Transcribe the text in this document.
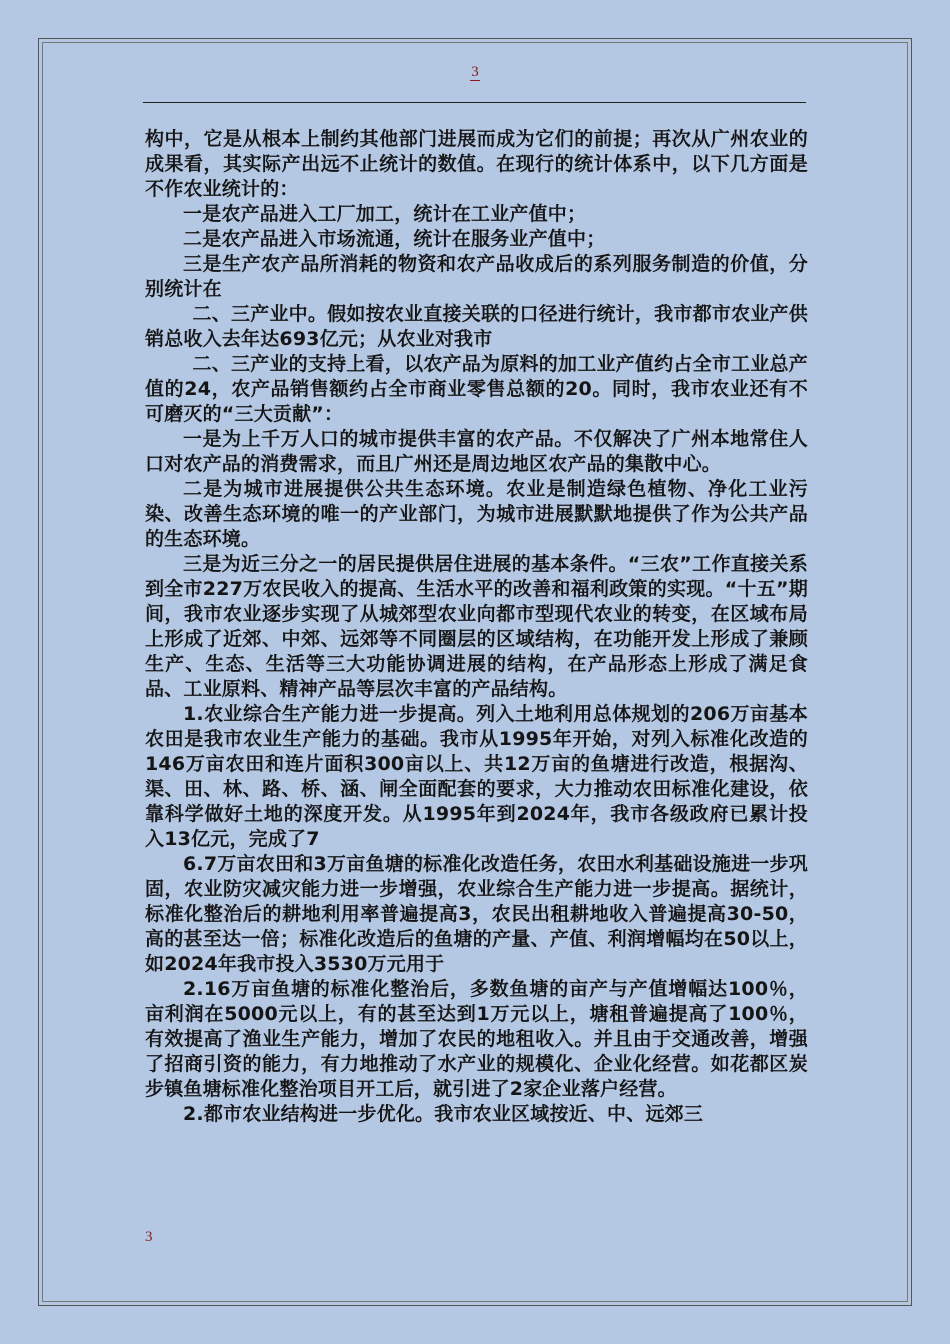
3

构中，它是从根本上制约其他部门进展而成为它们的前提；再次从广州农业的成果看，其实际产出远不止统计的数值。在现行的统计体系中，以下几方面是不作农业统计的：

一是农产品进入工厂加工，统计在工业产值中；

二是农产品进入市场流通，统计在服务业产值中；

三是生产农产品所消耗的物资和农产品收成后的系列服务制造的价值，分别统计在

二、三产业中。假如按农业直接关联的口径进行统计，我市都市农业产供销总收入去年达693亿元；从农业对我市

二、三产业的支持上看，以农产品为原料的加工业产值约占全市工业总产值的24，农产品销售额约占全市商业零售总额的20。同时，我市农业还有不可磨灭的“三大贡献”：

一是为上千万人口的城市提供丰富的农产品。不仅解决了广州本地常住人口对农产品的消费需求，而且广州还是周边地区农产品的集散中心。

二是为城市进展提供公共生态环境。农业是制造绿色植物、净化工业污染、改善生态环境的唯一的产业部门，为城市进展默默地提供了作为公共产品的生态环境。

三是为近三分之一的居民提供居住进展的基本条件。“三农”工作直接关系到全市227万农民收入的提高、生活水平的改善和福利政策的实现。“十五”期间，我市农业逐步实现了从城郊型农业向都市型现代农业的转变，在区域布局上形成了近郊、中郊、远郊等不同圈层的区域结构，在功能开发上形成了兼顾生产、生态、生活等三大功能协调进展的结构，在产品形态上形成了满足食品、工业原料、精神产品等层次丰富的产品结构。

1.农业综合生产能力进一步提高。列入土地利用总体规划的206万亩基本农田是我市农业生产能力的基础。我市从1995年开始，对列入标准化改造的146万亩农田和连片面积300亩以上、共12万亩的鱼塘进行改造，根据沟、渠、田、林、路、桥、涵、闸全面配套的要求，大力推动农田标准化建设，依靠科学做好土地的深度开发。从1995年到2024年，我市各级政府已累计投入13亿元，完成了7

6.7万亩农田和3万亩鱼塘的标准化改造任务，农田水利基础设施进一步巩固，农业防灾减灾能力进一步增强，农业综合生产能力进一步提高。据统计，标准化整治后的耕地利用率普遍提高3，农民出租耕地收入普遍提高30-50，高的甚至达一倍；标准化改造后的鱼塘的产量、产值、利润增幅均在50以上，如2024年我市投入3530万元用于

2.16万亩鱼塘的标准化整治后，多数鱼塘的亩产与产值增幅达100％，亩利润在5000元以上，有的甚至达到1万元以上，塘租普遍提高了100％，有效提高了渔业生产能力，增加了农民的地租收入。并且由于交通改善，增强了招商引资的能力，有力地推动了水产业的规模化、企业化经营。如花都区炭步镇鱼塘标准化整治项目开工后，就引进了2家企业落户经营。

2.都市农业结构进一步优化。我市农业区域按近、中、远郊三

3
